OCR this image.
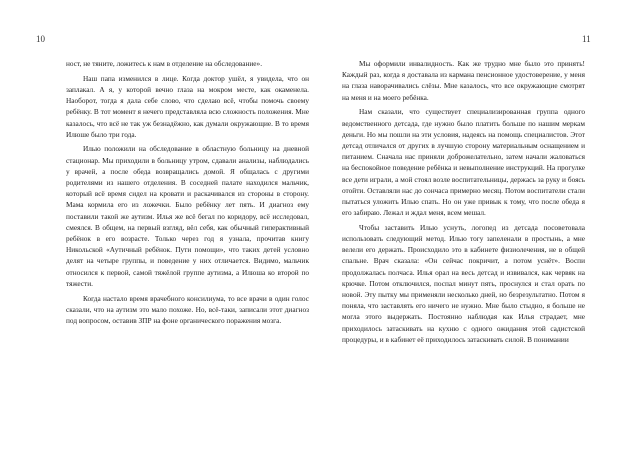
10	11

ност, не тяните, ложитесь к нам в отделение на обследование».

Наш папа изменился в лице. Когда доктор ушёл, я увидела, что он заплакал. А я, у которой вечно глаза на мокром месте, как окаменела. Наоборот, тогда я дала себе слово, что сделаю всё, чтобы помочь своему ребёнку. В тот момент я нечего представляла всю сложность положения. Мне казалось, что всё не так уж безнадёжно, как думали окружающие. В то время Илюше было три года.

Илью положили на обследование в областную больницу на дневной стационар. Мы приходили в больницу утром, сдавали анализы, наблюдались у врачей, а после обеда возвращались домой. Я общалась с другими родителями из нашего отделения. В соседней палате находился мальчик, который всё время сидел на кровати и раскачивался из стороны в сторону. Мама кормила его из ложечки. Было ребёнку лет пять. И диагноз ему поставили такой же аутизм. Илья же всё бегал по коридору, всё исследовал, смеялся. В общем, на первый взгляд, вёл себя, как обычный гиперактивный ребёнок в его возрасте. Только через год я узнала, прочитав книгу Никольской «Аутичный ребёнок. Пути помощи», что таких детей условно делят на четыре группы, и поведение у них отличается. Видимо, мальчик относился к первой, самой тяжёлой группе аутизма, а Илюша ко второй по тяжести.

Когда настало время врачебного консилиума, то все врачи в один голос сказали, что на аутизм это мало похоже. Но, всё-таки, записали этот диагноз под вопросом, оставив ЗПР на фоне органического поражения мозга.

Мы оформили инвалидность. Как же трудно мне было это принять! Каждый раз, когда я доставала из кармана пенсионное удостоверение, у меня на глаза наворачивались слёзы. Мне казалось, что все окружающие смотрят на меня и на моего ребёнка.

Нам сказали, что существует специализированная группа одного ведомственного детсада, где нужно было платить больше по нашим меркам деньги. Но мы пошли на эти условия, надеясь на помощь специалистов. Этот детсад отличался от других в лучшую сторону материальным оснащением и питанием. Сначала нас приняли доброжелательно, затем начали жаловаться на беспокойное поведение ребёнка и невыполнение инструкций. На прогулке все дети играли, а мой стоял возле воспитательницы, держась за руку и боясь отойти. Оставляли нас до сончаса примерно месяц. Потом воспитатели стали пытаться уложить Илью спать. Но он уже привык к тому, что после обеда я его забираю. Лежал и ждал меня, всем мешал.

Чтобы заставить Илью уснуть, логопед из детсада посоветовала использовать следующий метод. Илью тогу запеленали в простынь, а мне велели его держать. Происходило это в кабинете физиолечения, не в общей спальне. Врач сказала: «Он сейчас покричит, а потом уснёт». Воспи продолжалась полчаса. Илья орал на весь детсад и извивался, как червяк на крючке. Потом отключился, поспал минут пять, проснулся и стал орать по новой. Эту пытку мы применяли несколько дней, но безрезультатно. Потом я поняла, что заставлять его ничего не нужно. Мне было стыдно, я больше не могла этого выдержать. Постоянно наблюдая как Илья страдает, мне приходилось затаскивать на кухню с одного ожидания этой садистской процедуры, и в кабинет её приходилось затаскивать силой. В понимании
